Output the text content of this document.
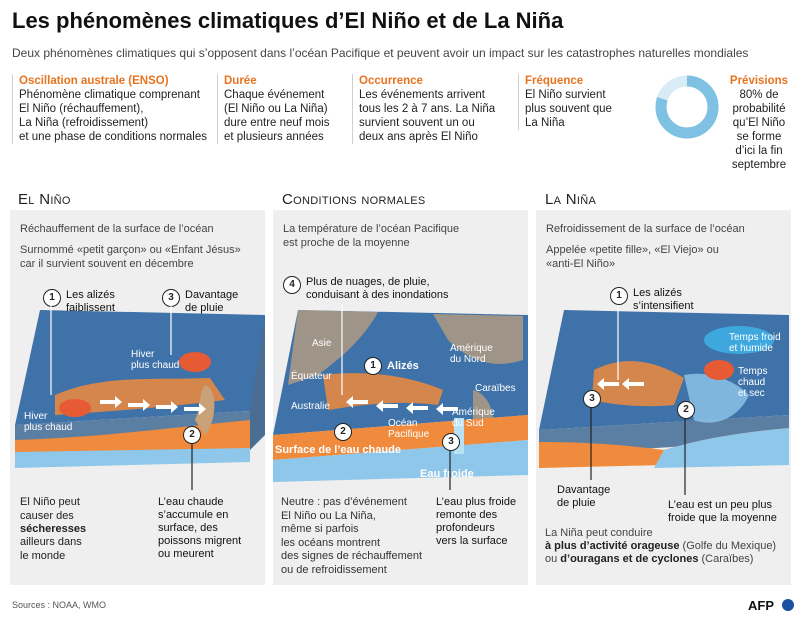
Les phénomènes climatiques d’El Niño et de La Niña
Deux phénomènes climatiques qui s’opposent dans l’océan Pacifique et peuvent avoir un impact sur les catastrophes naturelles mondiales
Oscillation australe (ENSO)
Phénomène climatique comprenant
El Niño (réchauffement),
La Niña (refroidissement)
et une phase de conditions normales
Durée
Chaque événement
(El Niño ou La Niña)
dure entre neuf mois
et plusieurs années
Occurrence
Les événements arrivent
tous les 2 à 7 ans. La Niña
survient souvent un ou
deux ans après El Niño
Fréquence
El Niño survient
plus souvent que
La Niña
Prévisions
80% de
probabilité
qu’El Niño
se forme
d’ici la fin
septembre
El Niño	Conditions normales	La Niña
Réchauffement de la surface de l’océan
Surnommé «petit garçon» ou «Enfant Jésus»
car il survient souvent en décembre
La température de l’océan Pacifique
est proche de la moyenne
Refroidissement de la surface de l’océan
Appelée «petite fille», «El Viejo» ou
«anti-El Niño»
Hiver
plus chaud
Hiver
plus chaud
1	Les alizés
faiblissent
3	Davantage
de pluie
2
L’eau chaude
s’accumule en
surface, des
poissons migrent
ou meurent
El Niño peut
causer des
sécheresses
ailleurs dans
le monde
Asie	Amérique
du Nord
Équateur
Caraïbes
Australie
Océan
Pacifique
Amérique
du Sud
Surface de l’eau chaude
Eau froide
4	Plus de nuages, de pluie,
conduisant à des inondations
1	Alizés
2
3
L’eau plus froide
remonte des
profondeurs
vers la surface
Neutre : pas d’événement
El Niño ou La Niña,
même si parfois
les océans montrent
des signes de réchauffement
ou de refroidissement
Temps froid
et humide
Temps
chaud
et sec
1	Les alizés
s’intensifient
3
2
Davantage
de pluie	L’eau est un peu plus
froide que la moyenne
La Niña peut conduire
à plus d’activité orageuse (Golfe du Mexique)
ou d’ouragans et de cyclones (Caraïbes)
Sources : NOAA, WMO	AFP
